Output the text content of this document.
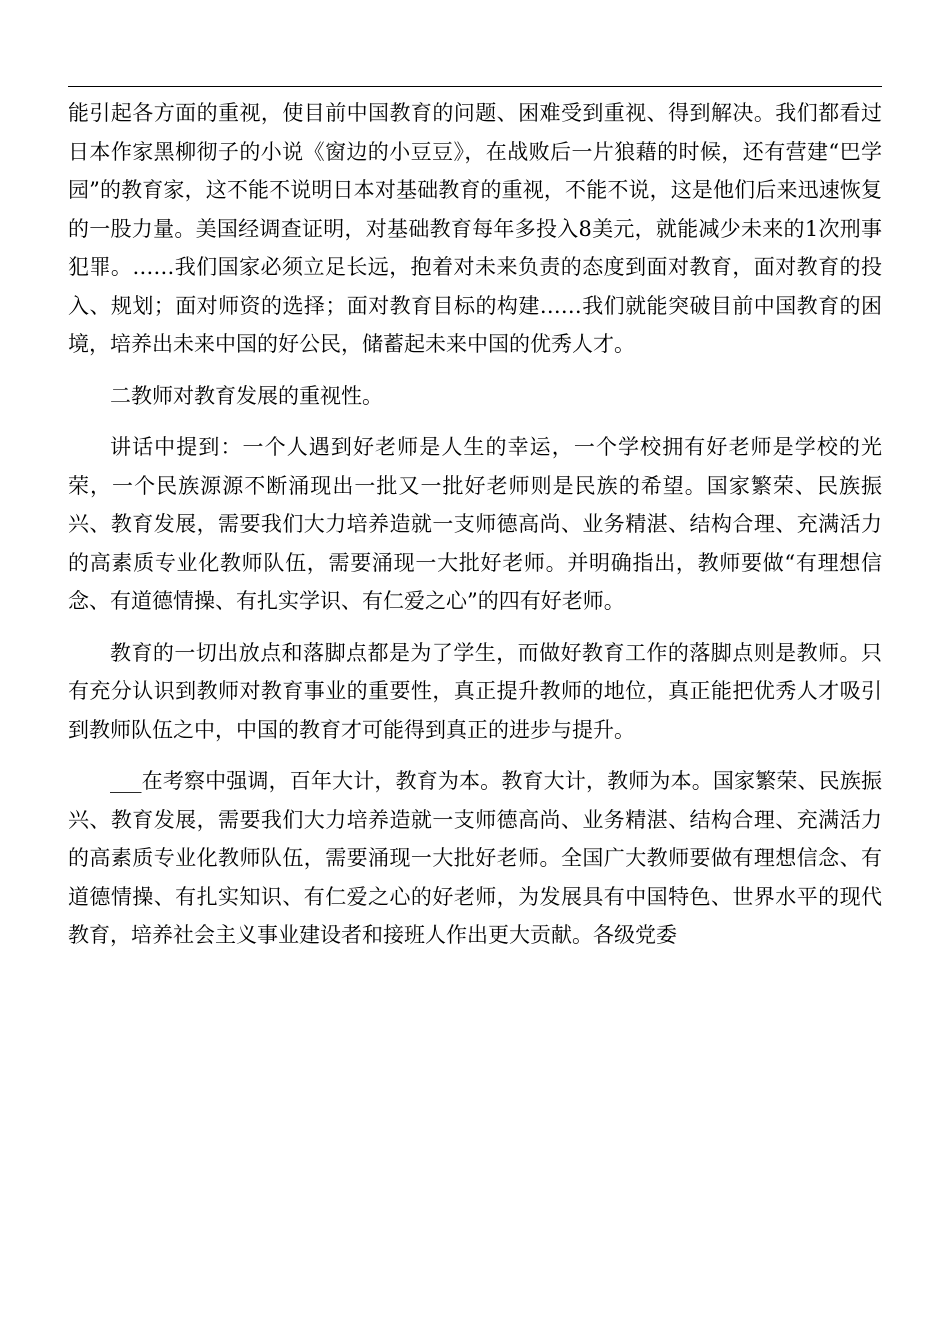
能引起各方面的重视，使目前中国教育的问题、困难受到重视、得到解决。我们都看过日本作家黑柳彻子的小说《窗边的小豆豆》，在战败后一片狼藉的时候，还有营建“巴学园”的教育家，这不能不说明日本对基础教育的重视，不能不说，这是他们后来迅速恢复的一股力量。美国经调查证明，对基础教育每年多投入8美元，就能减少未来的1次刑事犯罪。……我们国家必须立足长远，抱着对未来负责的态度到面对教育，面对教育的投入、规划；面对师资的选择；面对教育目标的构建……我们就能突破目前中国教育的困境，培养出未来中国的好公民，储蓄起未来中国的优秀人才。

二教师对教育发展的重视性。

讲话中提到：一个人遇到好老师是人生的幸运，一个学校拥有好老师是学校的光荣，一个民族源源不断涌现出一批又一批好老师则是民族的希望。国家繁荣、民族振兴、教育发展，需要我们大力培养造就一支师德高尚、业务精湛、结构合理、充满活力的高素质专业化教师队伍，需要涌现一大批好老师。并明确指出，教师要做“有理想信念、有道德情操、有扎实学识、有仁爱之心”的四有好老师。

教育的一切出放点和落脚点都是为了学生，而做好教育工作的落脚点则是教师。只有充分认识到教师对教育事业的重要性，真正提升教师的地位，真正能把优秀人才吸引到教师队伍之中，中国的教育才可能得到真正的进步与提升。

___在考察中强调，百年大计，教育为本。教育大计，教师为本。国家繁荣、民族振兴、教育发展，需要我们大力培养造就一支师德高尚、业务精湛、结构合理、充满活力的高素质专业化教师队伍，需要涌现一大批好老师。全国广大教师要做有理想信念、有道德情操、有扎实知识、有仁爱之心的好老师，为发展具有中国特色、世界水平的现代教育，培养社会主义事业建设者和接班人作出更大贡献。各级党委
